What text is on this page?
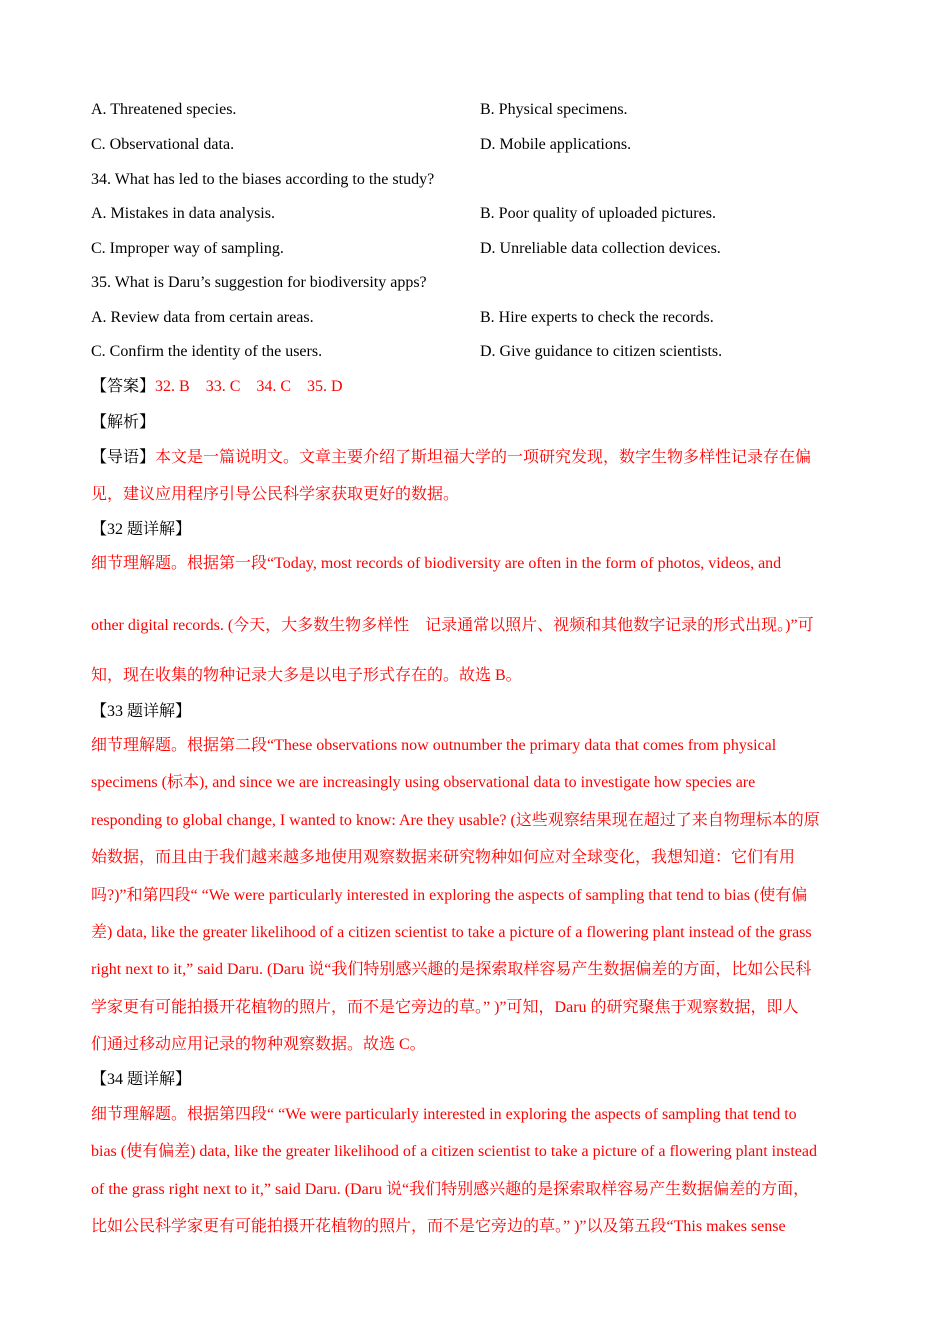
A. Threatened species.	B. Physical specimens.
C. Observational data.	D. Mobile applications.
34. What has led to the biases according to the study?
A. Mistakes in data analysis.	B. Poor quality of uploaded pictures.
C. Improper way of sampling.	D. Unreliable data collection devices.
35. What is Daru’s suggestion for biodiversity apps?
A. Review data from certain areas.	B. Hire experts to check the records.
C. Confirm the identity of the users.	D. Give guidance to citizen scientists.
【答案】32. B    33. C    34. C    35. D
【解析】
【导语】本文是一篇说明文。文章主要介绍了斯坦福大学的一项研究发现，数字生物多样性记录存在偏
见，建议应用程序引导公民科学家获取更好的数据。
【32 题详解】
细节理解题。根据第一段“Today, most records of biodiversity are often in the form of photos, videos, and
other digital records. (今天，大多数生物多样性    记录通常以照片、视频和其他数字记录的形式出现。)”可
知，现在收集的物种记录大多是以电子形式存在的。故选 B。
【33 题详解】
细节理解题。根据第二段“These observations now outnumber the primary data that comes from physical
specimens (标本), and since we are increasingly using observational data to investigate how species are
responding to global change, I wanted to know: Are they usable? (这些观察结果现在超过了来自物理标本的原
始数据，而且由于我们越来越多地使用观察数据来研究物种如何应对全球变化，我想知道：它们有用
吗?)”和第四段“ “We were particularly interested in exploring the aspects of sampling that tend to bias (使有偏
差) data, like the greater likelihood of a citizen scientist to take a picture of a flowering plant instead of the grass
right next to it,” said Daru. (Daru 说“我们特别感兴趣的是探索取样容易产生数据偏差的方面，比如公民科
学家更有可能拍摄开花植物的照片，而不是它旁边的草。” )”可知，Daru 的研究聚焦于观察数据，即人
们通过移动应用记录的物种观察数据。故选 C。
【34 题详解】
细节理解题。根据第四段“ “We were particularly interested in exploring the aspects of sampling that tend to
bias (使有偏差) data, like the greater likelihood of a citizen scientist to take a picture of a flowering plant instead
of the grass right next to it,” said Daru. (Daru 说“我们特别感兴趣的是探索取样容易产生数据偏差的方面，
比如公民科学家更有可能拍摄开花植物的照片，而不是它旁边的草。” )”以及第五段“This makes sense
